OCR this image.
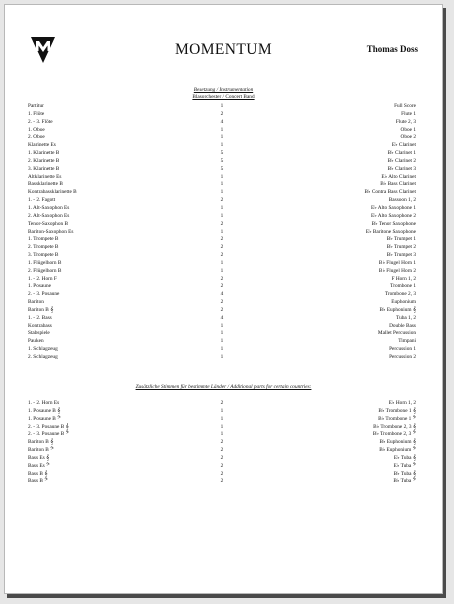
MOMENTUM	Thomas Doss
Besetzung / Instrumentation
Blasorchester / Concert Band
Partitur	1	Full Score
1. Flöte	2	Flute 1
2. - 3. Flöte	4	Flute 2, 3
1. Oboe	1	Oboe 1
2. Oboe	1	Oboe 2
Klarinette Es	1	E♭ Clarinet
1. Klarinette B	5	B♭ Clarinet 1
2. Klarinette B	5	B♭ Clarinet 2
3. Klarinette B	5	B♭ Clarinet 3
Altklarinette Es	1	E♭ Alto Clarinet
Bassklarinette B	1	B♭ Bass Clarinet
Kontrabassklarinette B	1	B♭ Contra Bass Clarinet
1. - 2. Fagott	2	Bassoon 1, 2
1. Alt-Saxophon Es	1	E♭ Alto Saxophone 1
2. Alt-Saxophon Es	1	E♭ Alto Saxophone 2
Tenor-Saxophon B	2	B♭ Tenor Saxophone
Bariton-Saxophon Es	1	E♭ Baritone Saxophone
1. Trompete B	2	B♭ Trumpet 1
2. Trompete B	2	B♭ Trumpet 2
3. Trompete B	2	B♭ Trumpet 3
1. Flügelhorn B	1	B♭ Flugel Horn 1
2. Flügelhorn B	1	B♭ Flugel Horn 2
1. - 2. Horn F	2	F Horn 1, 2
1. Posaune	2	Trombone 1
2. - 3. Posaune	4	Trombone 2, 3
Bariton	2	Euphonium
Bariton B 𝄞	2	B♭ Euphonium 𝄞
1. - 2. Bass	4	Tuba 1, 2
Kontrabass	1	Double Bass
Stabspiele	1	Mallet Percussion
Pauken	1	Timpani
1. Schlagzeug	1	Percussion 1
2. Schlagzeug	1	Percussion 2
Zusätzliche Stimmen für bestimmte Länder / Additional parts for certain countries:
1. - 2. Horn Es	2	E♭ Horn 1, 2
1. Posaune B 𝄞	1	B♭ Trombone 1 𝄞
1. Posaune B 𝄢	1	B♭ Trombone 1 𝄢
2. - 3. Posaune B 𝄞	1	B♭ Trombone 2, 3 𝄞
2. - 3. Posaune B 𝄢	1	B♭ Trombone 2, 3 𝄢
Bariton B 𝄞	2	B♭ Euphonium 𝄞
Bariton B 𝄢	2	B♭ Euphonium 𝄢
Bass Es 𝄞	2	E♭ Tuba 𝄞
Bass Es 𝄢	2	E♭ Tuba 𝄢
Bass B 𝄞	2	B♭ Tuba 𝄞
Bass B 𝄢	2	B♭ Tuba 𝄢
